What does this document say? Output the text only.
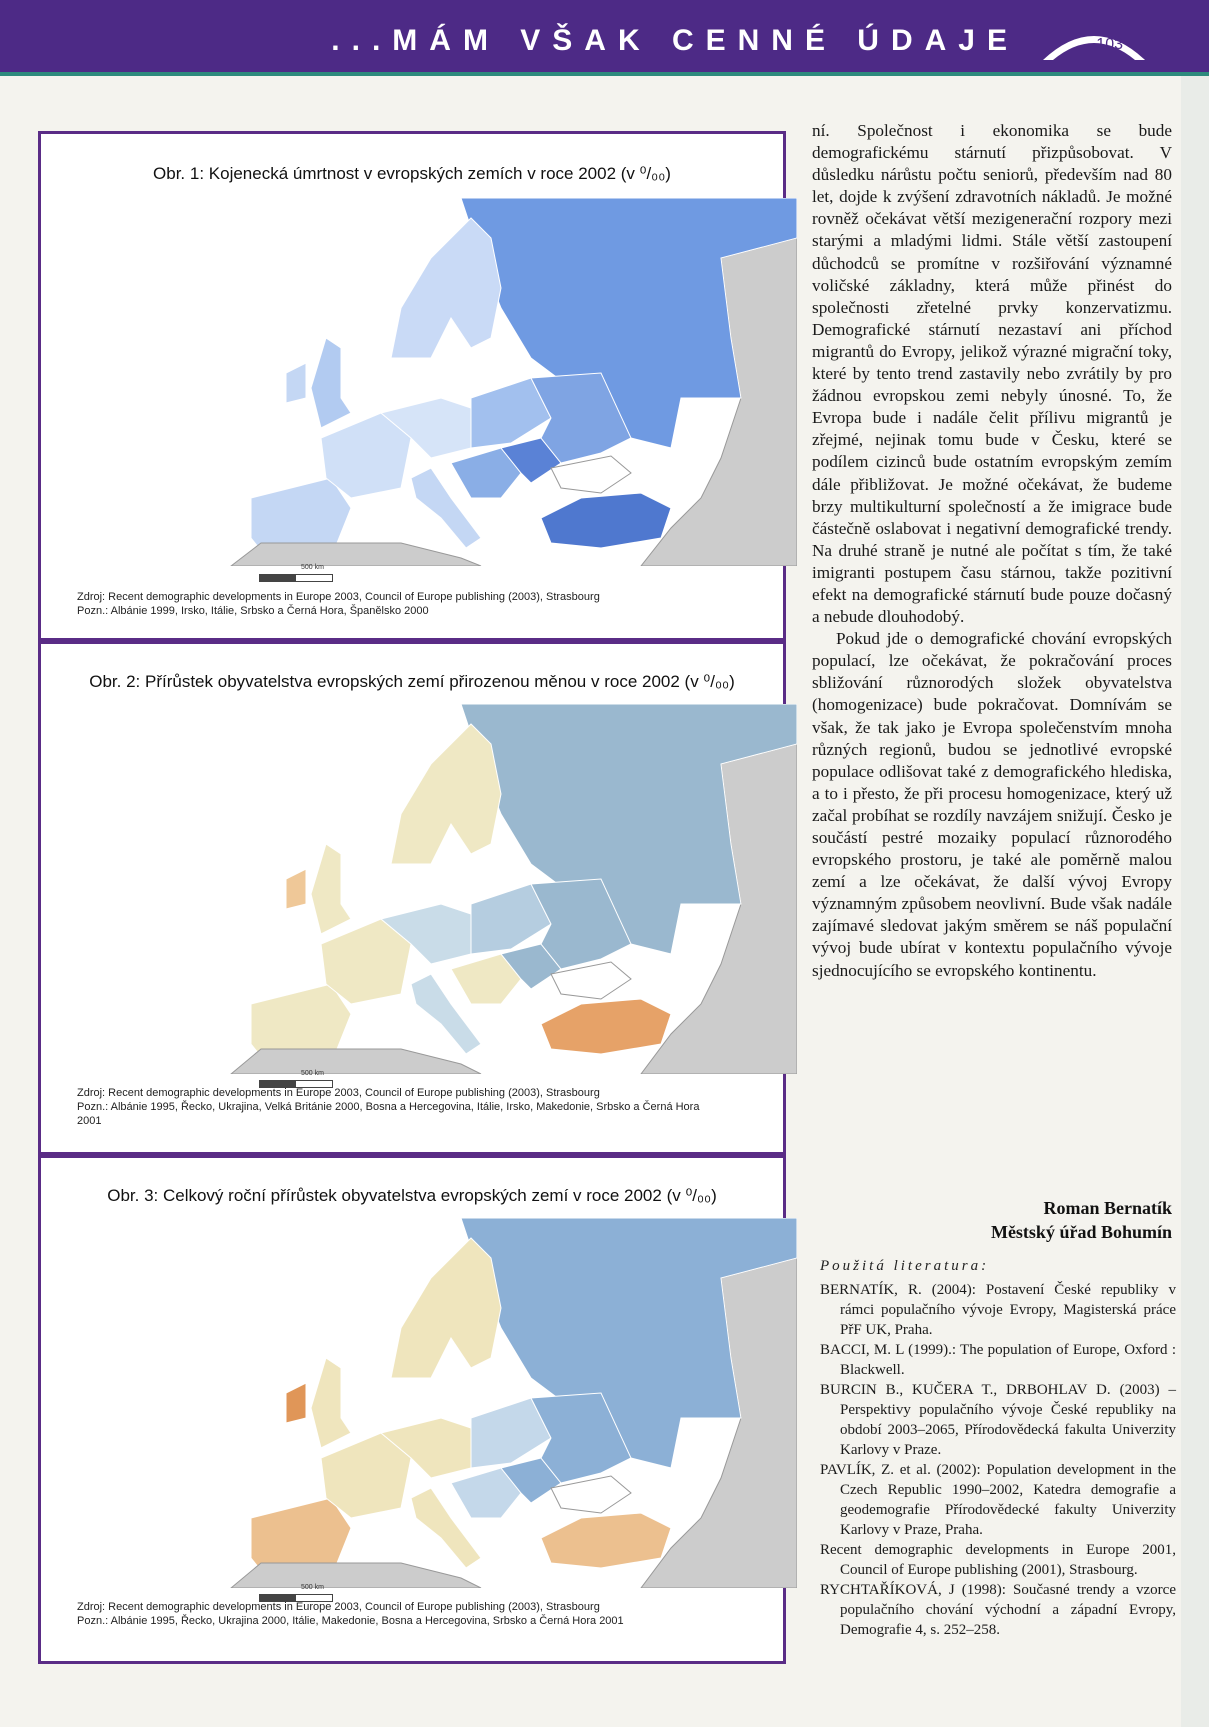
...MÁM VŠAK CENNÉ ÚDAJE	103
Obr. 1: Kojenecká úmrtnost v evropských zemích v roce 2002 (v ⁰/₀₀)
500 km
Zdroj: Recent demographic developments in Europe 2003, Council of Europe publishing (2003), Strasbourg
Pozn.: Albánie 1999, Irsko, Itálie, Srbsko a Černá Hora, Španělsko 2000
Obr. 2: Přírůstek obyvatelstva evropských zemí přirozenou měnou v roce 2002 (v ⁰/₀₀)
500 km
Zdroj: Recent demographic developments in Europe 2003, Council of Europe publishing (2003), Strasbourg
Pozn.: Albánie 1995, Řecko, Ukrajina, Velká Británie 2000, Bosna a Hercegovina, Itálie, Irsko, Makedonie, Srbsko a Černá Hora 2001
Obr. 3: Celkový roční přírůstek obyvatelstva evropských zemí v roce 2002 (v ⁰/₀₀)
500 km
Zdroj: Recent demographic developments in Europe 2003, Council of Europe publishing (2003), Strasbourg
Pozn.: Albánie 1995, Řecko, Ukrajina 2000, Itálie, Makedonie, Bosna a Hercegovina, Srbsko a Černá Hora 2001

ní. Společnost i ekonomika se bude demografickému stárnutí přizpůsobovat. V důsledku nárůstu počtu seniorů, především nad 80 let, dojde k zvýšení zdravotních nákladů. Je možné rovněž očekávat větší mezigenerační rozpory mezi starými a mladými lidmi. Stále větší zastoupení důchodců se promítne v rozšiřování významné voličské základny, která může přinést do společnosti zřetelné prvky konzervatizmu. Demografické stárnutí nezastaví ani příchod migrantů do Evropy, jelikož výrazné migrační toky, které by tento trend zastavily nebo zvrátily by pro žádnou evropskou zemi nebyly únosné. To, že Evropa bude i nadále čelit přílivu migrantů je zřejmé, nejinak tomu bude v Česku, které se podílem cizinců bude ostatním evropským zemím dále přibližovat. Je možné očekávat, že budeme brzy multikulturní společností a že imigrace bude částečně oslabovat i negativní demografické trendy. Na druhé straně je nutné ale počítat s tím, že také imigranti postupem času stárnou, takže pozitivní efekt na demografické stárnutí bude pouze dočasný a nebude dlouhodobý.

Pokud jde o demografické chování evropských populací, lze očekávat, že pokračování proces sbližování různorodých složek obyvatelstva (homogenizace) bude pokračovat. Domnívám se však, že tak jako je Evropa společenstvím mnoha různých regionů, budou se jednotlivé evropské populace odlišovat také z demografického hlediska, a to i přesto, že při procesu homogenizace, který už začal probíhat se rozdíly navzájem snižují. Česko je součástí pestré mozaiky populací různorodého evropského prostoru, je také ale poměrně malou zemí a lze očekávat, že další vývoj Evropy významným způsobem neovlivní. Bude však nadále zajímavé sledovat jakým směrem se náš populační vývoj bude ubírat v kontextu populačního vývoje sjednocujícího se evropského kontinentu.

Roman Bernatík
Městský úřad Bohumín
Použitá literatura:
BERNATÍK, R. (2004): Postavení České republiky v rámci populačního vývoje Evropy, Magisterská práce PřF UK, Praha.
BACCI, M. L (1999).: The population of Europe, Oxford : Blackwell.
BURCIN B., KUČERA T., DRBOHLAV D. (2003) – Perspektivy populačního vývoje České republiky na období 2003–2065, Přírodovědecká fakulta Univerzity Karlovy v Praze.
PAVLÍK, Z. et al. (2002): Population development in the Czech Republic 1990–2002, Katedra demografie a geodemografie Přírodovědecké fakulty Univerzity Karlovy v Praze, Praha.
Recent demographic developments in Europe 2001, Council of Europe publishing (2001), Strasbourg.
RYCHTAŘÍKOVÁ, J (1998): Současné trendy a vzorce populačního chování východní a západní Evropy, Demografie 4, s. 252–258.
